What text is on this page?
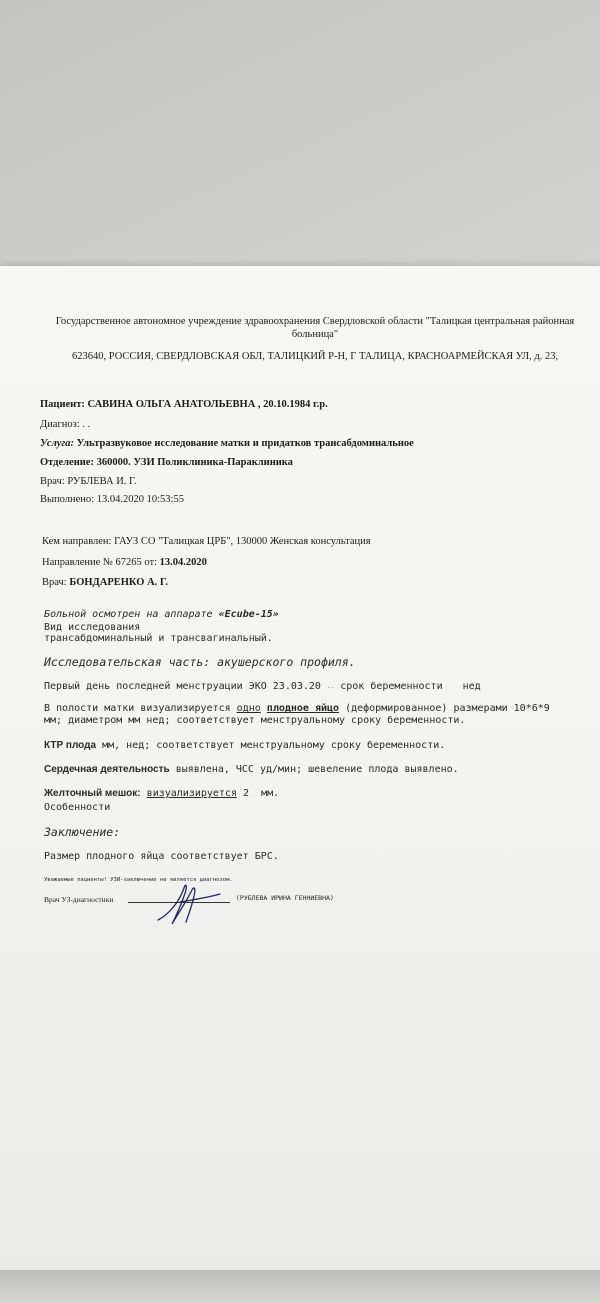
Государственное автономное учреждение здравоохранения Свердловской области "Талицкая центральная районная
больница"
623640, РОССИЯ, СВЕРДЛОВСКАЯ ОБЛ, ТАЛИЦКИЙ Р-Н, Г ТАЛИЦА, КРАСНОАРМЕЙСКАЯ УЛ, д. 23,
Пациент: САВИНА ОЛЬГА АНАТОЛЬЕВНА , 20.10.1984 г.р.
Диагноз: . .
Услуга: Ультразвуковое исследование матки и придатков трансабдоминальное
Отделение: 360000. УЗИ Поликлиника-Параклиника
Врач: РУБЛЕВА И. Г.
Выполнено: 13.04.2020 10:53:55
Кем направлен: ГАУЗ СО "Талицкая ЦРБ", 130000 Женская консультация
Направление № 67265 от: 13.04.2020
Врач: БОНДАРЕНКО А. Г.
Больной осмотрен на аппарате «Ecube-15»
Вид исследования
трансабдоминальный и трансвагинальный.
Исследовательская часть: акушерского профиля.
Первый день последней менструации ЭКО 23.03.20 -- срок беременности нед
В полости матки визуализируется одно плодное яйцо (деформированное) размерами 10*6*9
мм; диаметром мм нед; соответствует менструальному сроку беременности.
КТР плода мм, нед; соответствует менструальному сроку беременности.
Сердечная деятельность выявлена, ЧСС уд/мин; шевеление плода выявлено.
Желточный мешок: визуализируется 2 мм.
Особенности
Заключение:
Размер плодного яйца соответствует БРС.
Уважаемые пациенты! УЗИ-заключение не является диагнозом.
Врач УЗ-диагностики	(РУБЛЕВА ИРИНА ГЕННИЕВНА)
